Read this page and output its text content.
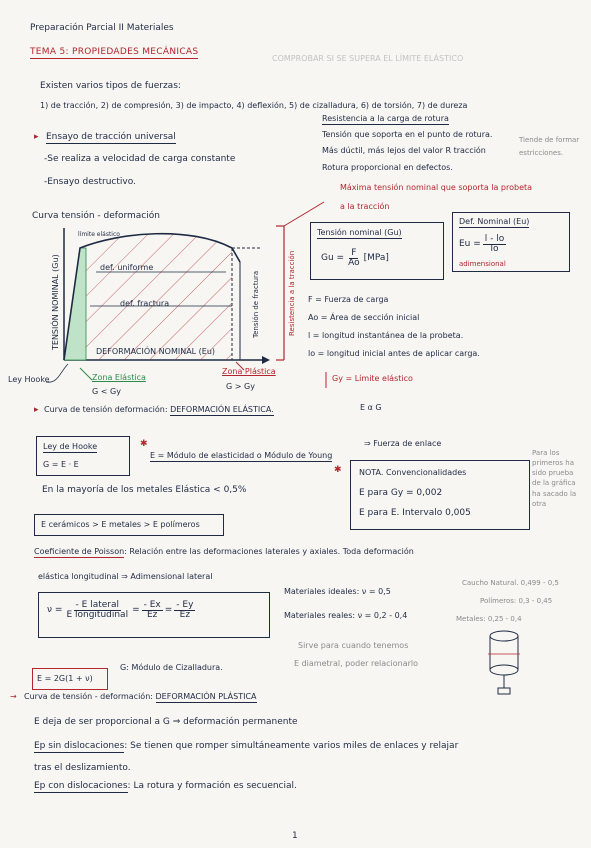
Preparación Parcial II Materiales
TEMA 5: PROPIEDADES MECÁNICAS
COMPROBAR SI SE SUPERA EL LÍMITE ELÁSTICO
Existen varios tipos de fuerzas:
1) de tracción, 2) de compresión, 3) de impacto, 4) deflexión, 5) de cizalladura, 6) de torsión, 7) de dureza
▸ Ensayo de tracción universal
-Se realiza a velocidad de carga constante
-Ensayo destructivo.
Resistencia a la carga de rotura
Tensión que soporta en el punto de rotura.
Más dúctil, más lejos del valor R tracción
Rotura proporcional en defectos.
Tiende de formar
estricciones.
Máxima tensión nominal que soporta la probeta
a la tracción
Curva tensión - deformación
TENSIÓN NOMINAL (Gu)
límite elástico
def. uniforme
def. fractura	Tensión de fractura	Resistencia a la tracción
DEFORMACIÓN NOMINAL (Eu)
Ley Hooke	Zona Elástica
G < Gy
Zona Plástica
G > Gy
Tensión nominal (Gu)
$Gu = \frac{F}{Ao} [MPa]$
Def. Nominal (Eu)
$Eu = \frac{l - lo}{lo}$
adimensional
F = Fuerza de carga
Ao = Área de sección inicial
l = longitud instantánea de la probeta.
lo = longitud inicial antes de aplicar carga.
Gy = Límite elástico
▸ Curva de tensión deformación: DEFORMACIÓN ELÁSTICA.	E α G
Ley de Hooke
G = E · E
✱
E = Módulo de elasticidad o Módulo de Young
⇒ Fuerza de enlace
En la mayoría de los metales Elástica < 0,5%
E cerámicos > E metales > E polímeros
✱ NOTA. Convencionalidades
E para Gy = 0,002
E para E. Intervalo 0,005
Para los primeros ha sido prueba de la gráfica ha sacado la otra
Coeficiente de Poisson: Relación entre las deformaciones laterales y axiales. Toda deformación
elástica longitudinal ⇒ Adimensional lateral
$\nu = \frac{\text{- E lateral}}{\text{E longitudinal}} = \frac{- Ex}{Ez} = \frac{- Ey}{Ez}$
Materiales ideales: ν = 0,5
Materiales reales: ν = 0,2 - 0,4
Caucho Natural. 0,499 - 0,5
Polímeros: 0,3 - 0,45
Metales: 0,25 - 0,4
E = 2G(1 + ν)
G: Módulo de Cizalladura.
Sirve para cuando tenemos
E diametral, poder relacionarlo
→ Curva de tensión - deformación: DEFORMACIÓN PLÁSTICA
E deja de ser proporcional a G ⇒ deformación permanente
Ep sin dislocaciones: Se tienen que romper simultáneamente varios miles de enlaces y relajar
tras el deslizamiento.
Ep con dislocaciones: La rotura y formación es secuencial.
1
